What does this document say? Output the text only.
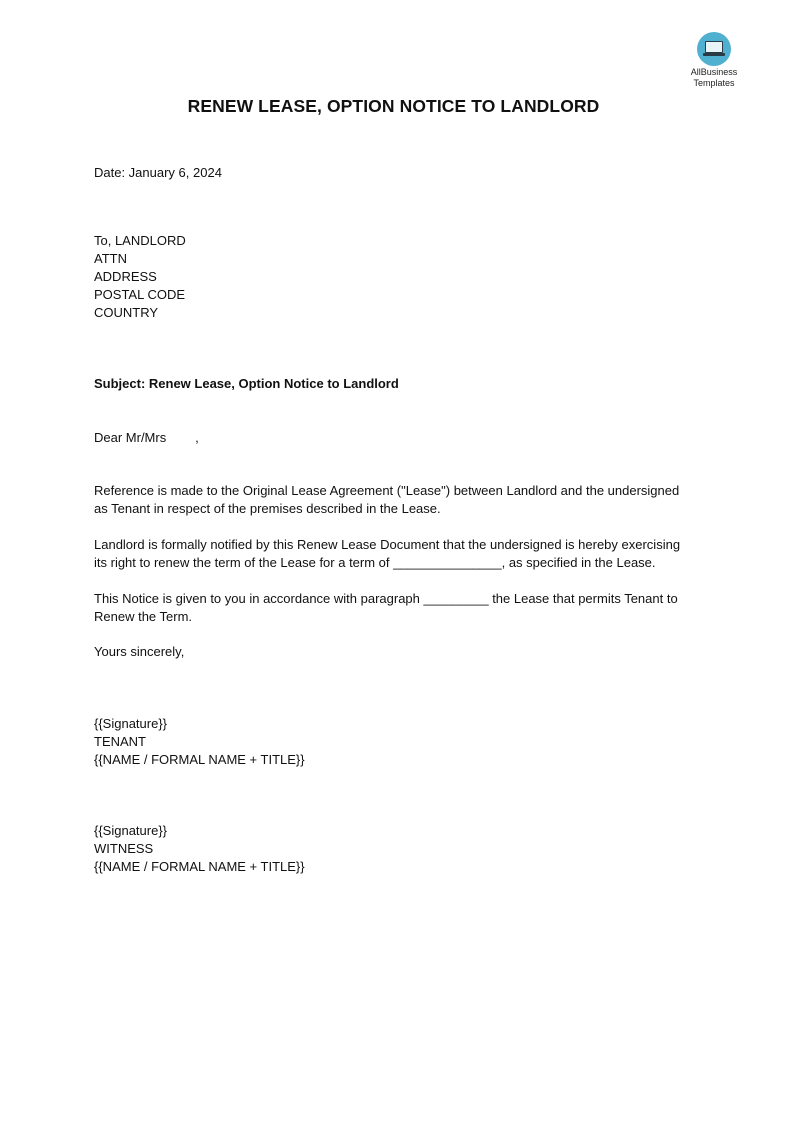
AllBusiness
Templates
RENEW LEASE, OPTION NOTICE TO LANDLORD
Date: January 6, 2024
To, LANDLORD
ATTN
ADDRESS
POSTAL CODE
COUNTRY
Subject: Renew Lease, Option Notice to Landlord
Dear Mr/Mrs        ,
Reference is made to the Original Lease Agreement ("Lease") between Landlord and the undersigned
as Tenant in respect of the premises described in the Lease.
Landlord is formally notified by this Renew Lease Document that the undersigned is hereby exercising
its right to renew the term of the Lease for a term of _______________, as specified in the Lease.
This Notice is given to you in accordance with paragraph _________ the Lease that permits Tenant to
Renew the Term.
Yours sincerely,
{{Signature}}
TENANT
{{NAME / FORMAL NAME + TITLE}}
{{Signature}}
WITNESS
{{NAME / FORMAL NAME + TITLE}}
